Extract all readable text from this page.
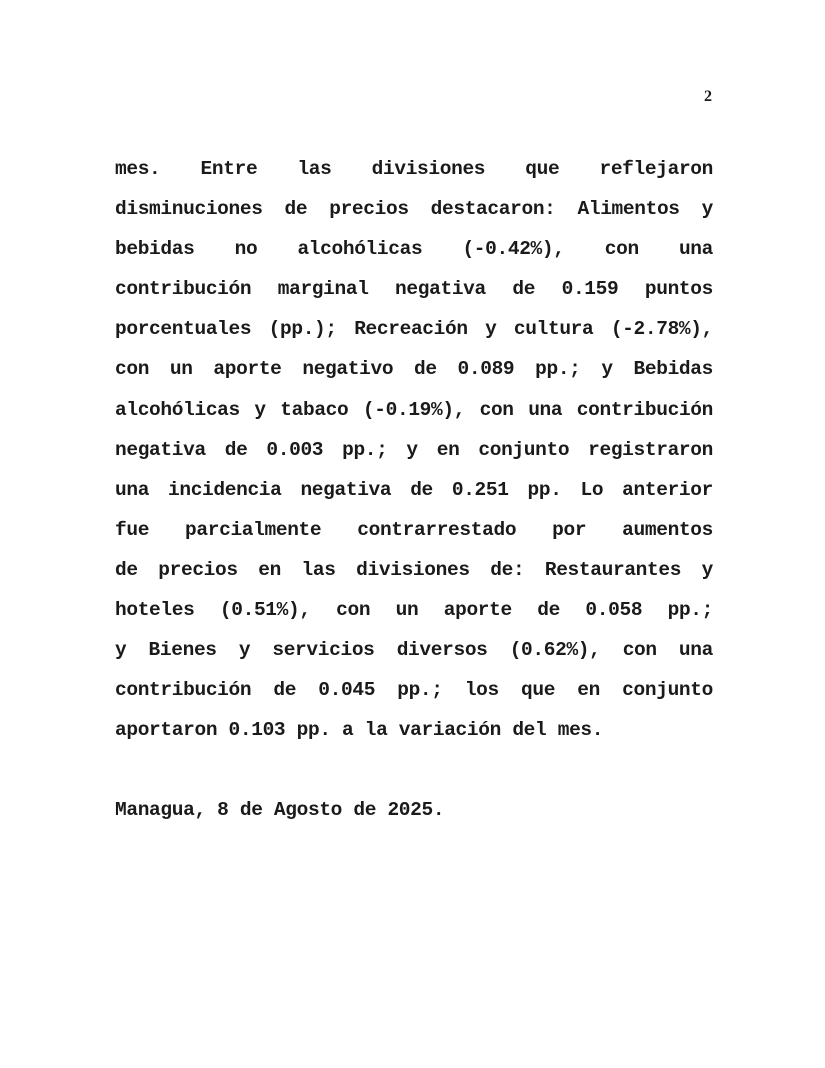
2
mes. Entre las divisiones que reflejaron
disminuciones de precios destacaron: Alimentos y
bebidas no alcohólicas (-0.42%), con una
contribución marginal negativa de 0.159 puntos
porcentuales (pp.); Recreación y cultura (-2.78%),
con un aporte negativo de 0.089 pp.; y Bebidas
alcohólicas y tabaco (-0.19%), con una contribución
negativa de 0.003 pp.; y en conjunto registraron
una incidencia negativa de 0.251 pp. Lo anterior
fue parcialmente contrarrestado por aumentos
de precios en las divisiones de: Restaurantes y
hoteles (0.51%), con un aporte de 0.058 pp.;
y Bienes y servicios diversos (0.62%), con una
contribución de 0.045 pp.; los que en conjunto
aportaron 0.103 pp. a la variación del mes.
Managua, 8 de Agosto de 2025.
